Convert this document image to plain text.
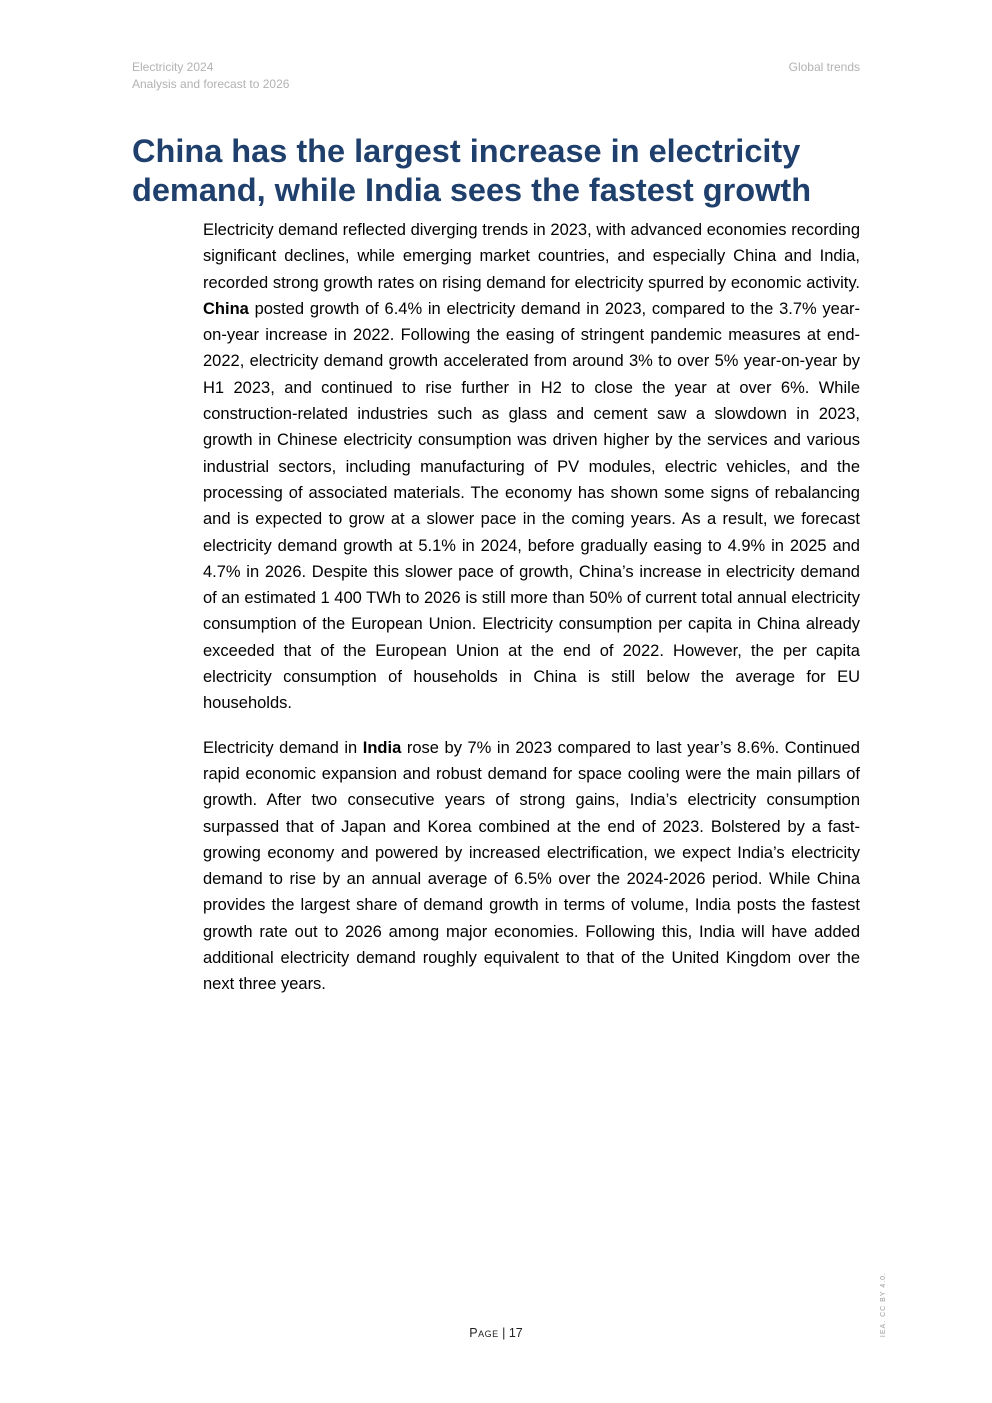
Electricity 2024
Analysis and forecast to 2026
Global trends
China has the largest increase in electricity
demand, while India sees the fastest growth

Electricity demand reflected diverging trends in 2023, with advanced economies recording significant declines, while emerging market countries, and especially China and India, recorded strong growth rates on rising demand for electricity spurred by economic activity. China posted growth of 6.4% in electricity demand in 2023, compared to the 3.7% year-on-year increase in 2022. Following the easing of stringent pandemic measures at end-2022, electricity demand growth accelerated from around 3% to over 5% year-on-year by H1 2023, and continued to rise further in H2 to close the year at over 6%. While construction-related industries such as glass and cement saw a slowdown in 2023, growth in Chinese electricity consumption was driven higher by the services and various industrial sectors, including manufacturing of PV modules, electric vehicles, and the processing of associated materials. The economy has shown some signs of rebalancing and is expected to grow at a slower pace in the coming years. As a result, we forecast electricity demand growth at 5.1% in 2024, before gradually easing to 4.9% in 2025 and 4.7% in 2026. Despite this slower pace of growth, China’s increase in electricity demand of an estimated 1 400 TWh to 2026 is still more than 50% of current total annual electricity consumption of the European Union. Electricity consumption per capita in China already exceeded that of the European Union at the end of 2022. However, the per capita electricity consumption of households in China is still below the average for EU households.

Electricity demand in India rose by 7% in 2023 compared to last year’s 8.6%. Continued rapid economic expansion and robust demand for space cooling were the main pillars of growth. After two consecutive years of strong gains, India’s electricity consumption surpassed that of Japan and Korea combined at the end of 2023. Bolstered by a fast-growing economy and powered by increased electrification, we expect India’s electricity demand to rise by an annual average of 6.5% over the 2024-2026 period. While China provides the largest share of demand growth in terms of volume, India posts the fastest growth rate out to 2026 among major economies. Following this, India will have added additional electricity demand roughly equivalent to that of the United Kingdom over the next three years.

Page | 17	IEA. CC BY 4.0.
